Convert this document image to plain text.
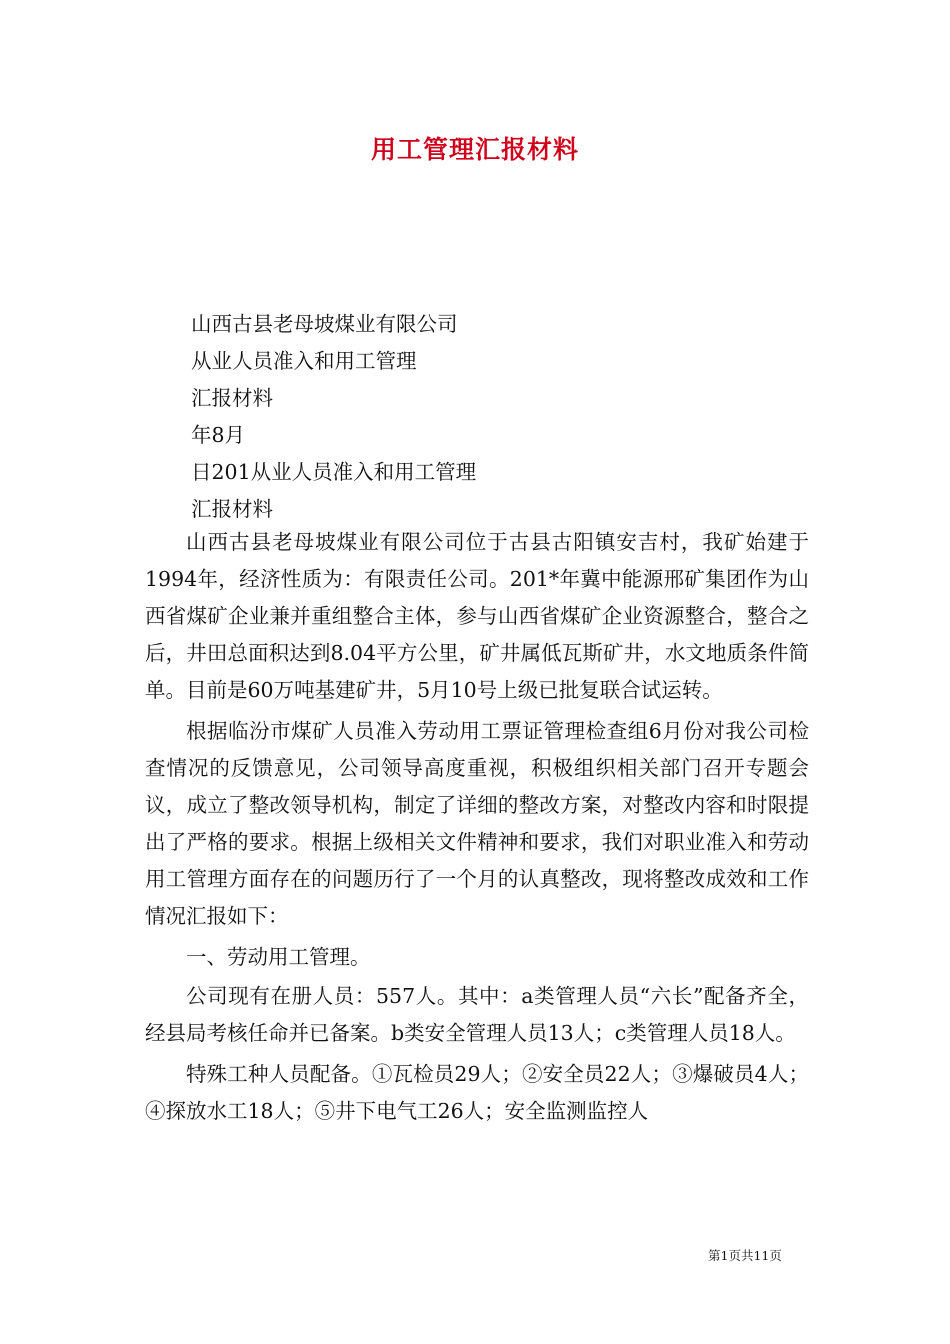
用工管理汇报材料
山西古县老母坡煤业有限公司
从业人员准入和用工管理
汇报材料
年8月
日201从业人员准入和用工管理
汇报材料

山西古县老母坡煤业有限公司位于古县古阳镇安吉村，我矿始建于1994年，经济性质为：有限责任公司。201*年冀中能源邢矿集团作为山西省煤矿企业兼并重组整合主体，参与山西省煤矿企业资源整合，整合之后，井田总面积达到8.04平方公里，矿井属低瓦斯矿井，水文地质条件简单。目前是60万吨基建矿井，5月10号上级已批复联合试运转。

根据临汾市煤矿人员准入劳动用工票证管理检查组6月份对我公司检查情况的反馈意见，公司领导高度重视，积极组织相关部门召开专题会议，成立了整改领导机构，制定了详细的整改方案，对整改内容和时限提出了严格的要求。根据上级相关文件精神和要求，我们对职业准入和劳动用工管理方面存在的问题历行了一个月的认真整改，现将整改成效和工作情况汇报如下：

一、劳动用工管理。

公司现有在册人员：557人。其中：a类管理人员“六长”配备齐全，经县局考核任命并已备案。b类安全管理人员13人；c类管理人员18人。

特殊工种人员配备。①瓦检员29人；②安全员22人；③爆破员4人；④探放水工18人；⑤井下电气工26人；安全监测监控人

第1页共11页
